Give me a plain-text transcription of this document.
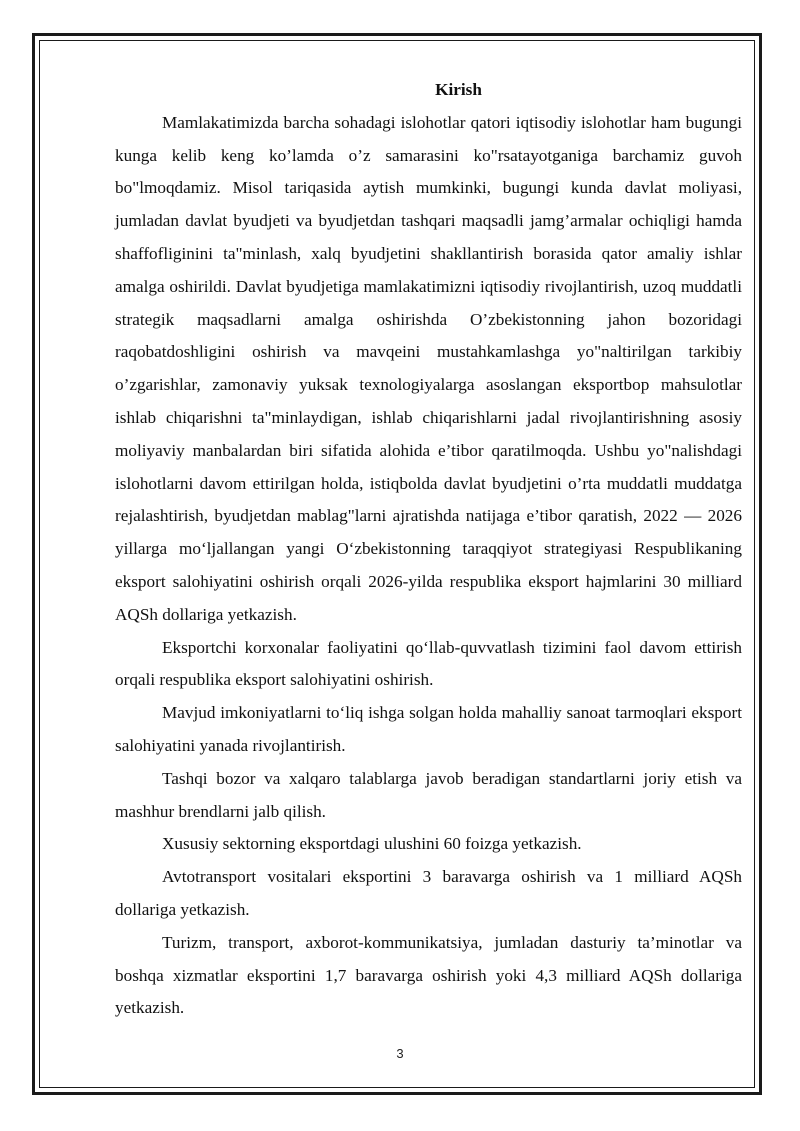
Kirish

Mamlakatimizda barcha sohadagi islohotlar qatori iqtisodiy islohotlar ham bugungi kunga kelib keng ko’lamda o’z samarasini ko"rsatayotganiga barchamiz guvoh bo"lmoqdamiz. Misol tariqasida aytish mumkinki, bugungi kunda davlat moliyasi, jumladan davlat byudjeti va byudjetdan tashqari maqsadli jamg’armalar ochiqligi hamda shaffofliginini ta"minlash, xalq byudjetini shakllantirish borasida qator amaliy ishlar amalga oshirildi. Davlat byudjetiga mamlakatimizni iqtisodiy rivojlantirish, uzoq muddatli strategik maqsadlarni amalga oshirishda O’zbekistonning jahon bozoridagi raqobatdoshligini oshirish va mavqeini mustahkamlashga yo"naltirilgan tarkibiy o’zgarishlar, zamonaviy yuksak texnologiyalarga asoslangan eksportbop mahsulotlar ishlab chiqarishni ta"minlaydigan, ishlab chiqarishlarni jadal rivojlantirishning asosiy moliyaviy manbalardan biri sifatida alohida e’tibor qaratilmoqda. Ushbu yo"nalishdagi islohotlarni davom ettirilgan holda, istiqbolda davlat byudjetini o’rta muddatli muddatga rejalashtirish, byudjetdan mablag"larni ajratishda natijaga e’tibor qaratish, 2022 — 2026 yillarga mo‘ljallangan yangi O‘zbekistonning taraqqiyot strategiyasi Respublikaning eksport salohiyatini oshirish orqali 2026-yilda respublika eksport hajmlarini 30 milliard AQSh dollariga yetkazish.

Eksportchi korxonalar faoliyatini qo‘llab-quvvatlash tizimini faol davom ettirish orqali respublika eksport salohiyatini oshirish.

Mavjud imkoniyatlarni to‘liq ishga solgan holda mahalliy sanoat tarmoqlari eksport salohiyatini yanada rivojlantirish.

Tashqi bozor va xalqaro talablarga javob beradigan standartlarni joriy etish va mashhur brendlarni jalb qilish.

Xususiy sektorning eksportdagi ulushini 60 foizga yetkazish.

Avtotransport vositalari eksportini 3 baravarga oshirish va 1 milliard AQSh dollariga yetkazish.

Turizm, transport, axborot-kommunikatsiya, jumladan dasturiy ta’minotlar va boshqa xizmatlar eksportini 1,7 baravarga oshirish yoki 4,3 milliard AQSh dollariga yetkazish.

3
